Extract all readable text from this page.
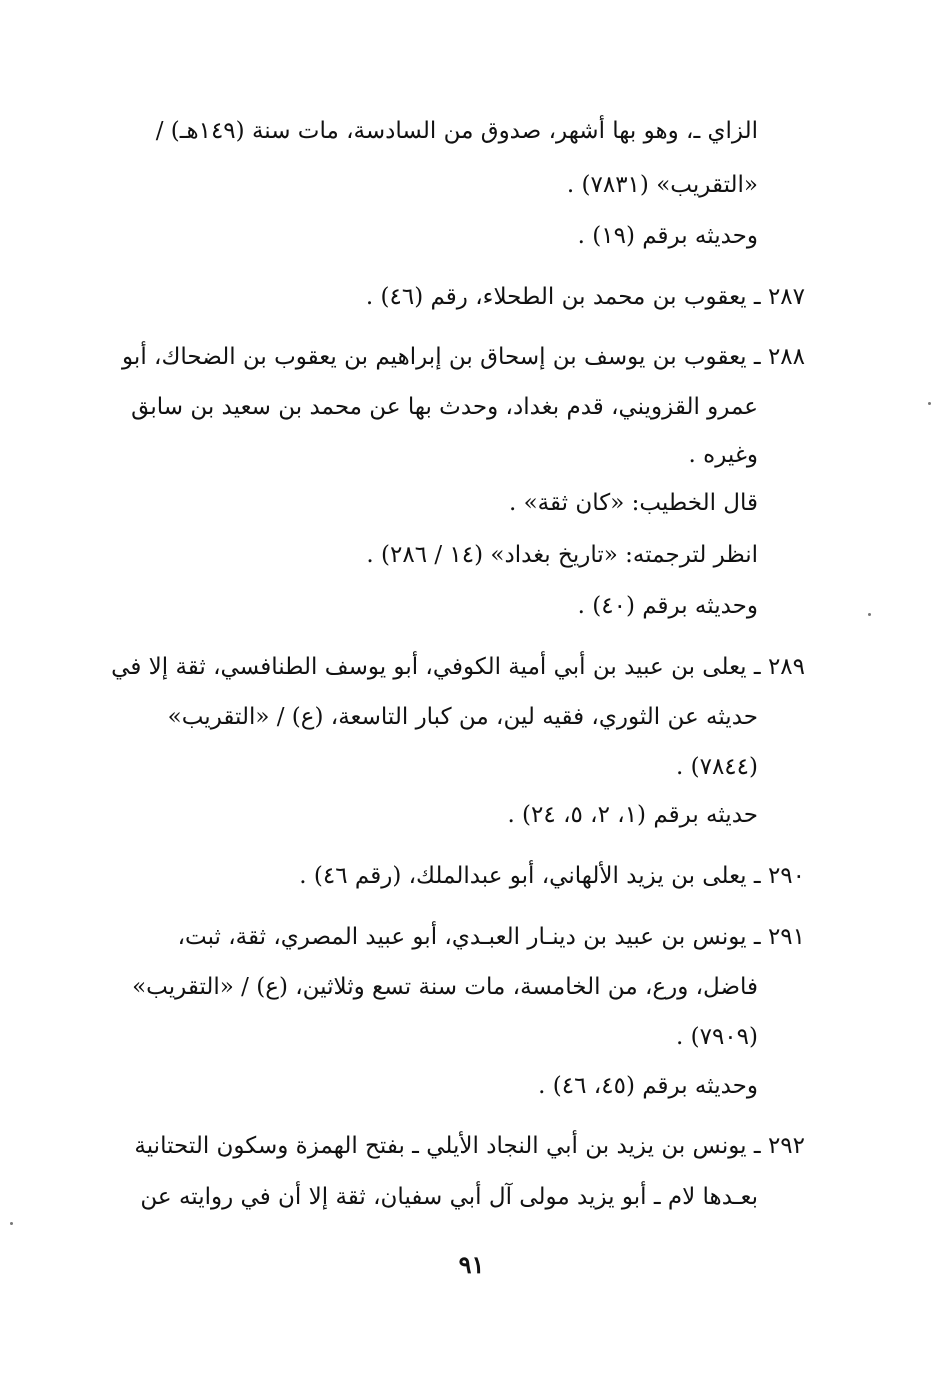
الزاي ـ، وهو بها أشهر، صدوق من السادسة، مات سنة (١٤٩هـ) /
«التقريب» (٧٨٣١) .
وحديثه برقم (١٩) .
٢٨٧ ـ يعقوب بن محمد بن الطحلاء، رقم (٤٦) .
٢٨٨ ـ يعقوب بن يوسف بن إسحاق بن إبراهيم بن يعقوب بن الضحاك، أبو
عمرو القزويني، قدم بغداد، وحدث بها عن محمد بن سعيد بن سابق
وغيره .
قال الخطيب: «كان ثقة» .
انظر لترجمته: «تاريخ بغداد» (١٤ / ٢٨٦) .
وحديثه برقم (٤٠) .
٢٨٩ ـ يعلى بن عبيد بن أبي أمية الكوفي، أبو يوسف الطنافسي، ثقة إلا في
حديثه عن الثوري، فقيه لين، من كبار التاسعة، (ع) / «التقريب»
(٧٨٤٤) .
حديثه برقم (١، ٢، ٥، ٢٤) .
٢٩٠ ـ يعلى بن يزيد الألهاني، أبو عبدالملك، (رقم ٤٦) .
٢٩١ ـ يونس بن عبيد بن دينـار العبـدي، أبو عبيد المصري، ثقة، ثبت،
فاضل، ورع، من الخامسة، مات سنة تسع وثلاثين، (ع) / «التقريب»
(٧٩٠٩) .
وحديثه برقم (٤٥، ٤٦) .
٢٩٢ ـ يونس بن يزيد بن أبي النجاد الأيلي ـ بفتح الهمزة وسكون التحتانية
بعـدها لام ـ أبو يزيد مولى آل أبي سفيان، ثقة إلا أن في روايته عن
٩١
